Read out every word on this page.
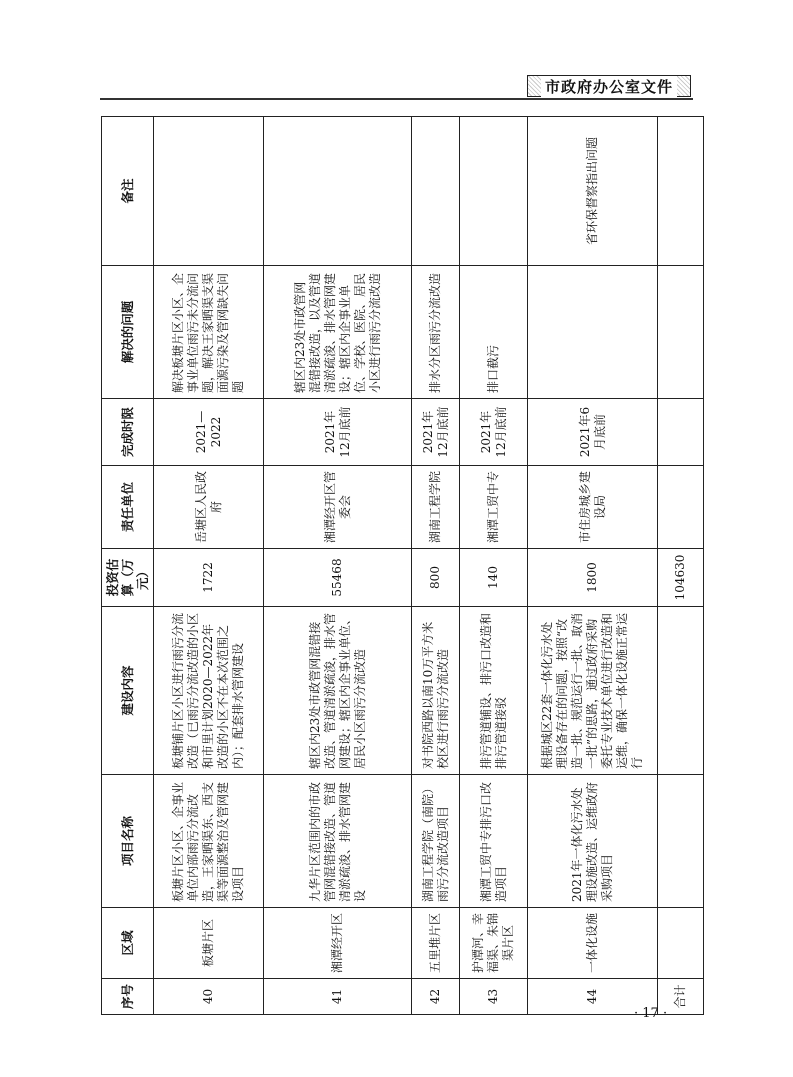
市政府办公室文件
序号	区域	项目名称	建设内容	投资估算（万元）	责任单位	完成时限	解决的问题	备注
40	板塘片区	板塘片区小区、企事业单位内部雨污分流改造，王家晒渠东、西支渠等面源整治及管网建设项目	板塘铺片区小区进行雨污分流改造（已雨污分流改造的小区和市里计划2020—2022年改造的小区不在本次范围之内）；配套排水管网建设	1722	岳塘区人民政府	2021—2022	解决板塘片区小区、企事业单位雨污未分流问题，解决王家晒渠支渠面源污染及管网缺失问题	
41	湘潭经开区	九华片区范围内的市政管网混错接改造、管道清淤疏浚、排水管网建设	辖区内23处市政管网混错接改造、管道清淤疏浚，排水管网建设；辖区内企事业单位、居民小区雨污分流改造	55468	湘潭经开区管委会	2021年12月底前	辖区内23处市政管网混错接改造，以及管道清淤疏浚、排水管网建设；辖区内企事业单位、学校、医院、居民小区进行雨污分流改造	
42	五里堆片区	湖南工程学院（南院）雨污分流改造项目	对书院西路以南10万平方米校区进行雨污分流改造	800	湖南工程学院	2021年12月底前	排水分区雨污分流改造	
43	护潭河、幸福渠、朱锦渠片区	湘潭工贸中专排污口改造项目	排污管道铺设、排污口改造和排污管道接驳	140	湘潭工贸中专	2021年12月底前	排口截污	
44	一体化设施	2021年一体化污水处理设施改造、运维政府采购项目	根据城区22套一体化污水处理设备存在的问题，按照“改造一批、规范运行一批、取消一批”的思路，通过政府采购委托专业技术单位进行改造和运维，确保一体化设施正常运行	1800	市住房城乡建设局	2021年6月底前		省环保督察指出问题
合计				104630				
· 17 ·
